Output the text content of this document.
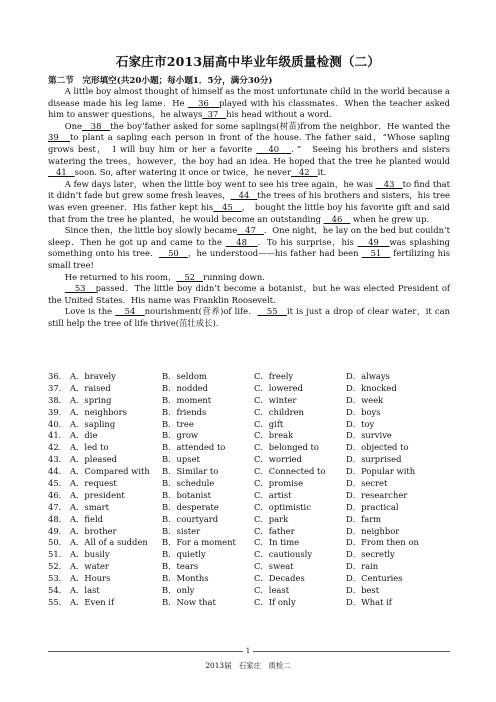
石家庄市2013届高中毕业年级质量检测（二）
第二节　完形填空(共20小题；每小题1．5分，满分30分)

A little boy almost thought of himself as the most unfortunate child in the world because a disease made his leg lame．He    36   played with his classmates．When the teacher asked him to answer questions，he always  37   his head without a word.

One   38   the boy’father asked for some saplings(树苗)from the neighbor．He wanted the 39   to plant a sapling each person in front of the house. The father said，“Whose sapling grows best，　I will buy him or her a favorite    40   ．”　Seeing his brothers and sisters watering the trees，however，the boy had an idea. He hoped that the tree he planted would    41   soon. So, after watering it once or twice，he never   42   it.

A few days later，when the little boy went to see his tree again，he was    43   to find that it didn’t fade but grew some fresh leaves，   44   the trees of his brothers and sisters，his tree was even greener．His father kept his   45   ，　bought the little boy his favorite gift and said that from the tree he planted，he would become an outstanding    46    when he grew up.

Since then，the little boy slowly became   47   ．One night，he lay on the bed but couldn’t sleep．Then he got up and came to the    48   ．To his surprise，his    49   was splashing something onto his tree．   50   ，he understood——his father had been    51    fertilizing his small tree!

He returned to his room，   52   running down.

53   passed．The little boy didn’t become a botanist，but he was elected President of the United States．His name was Franklin Roosevelt.

Love is the    54   nourishment(营养)of life．   55   it is just a drop of clear water，it can still help the tree of life thrive(茁壮成长).

36． A．bravely	B．seldom	C．freely	D．always
37． A．raised	B．nodded	C．lowered	D．knocked
38． A．spring	B．moment	C．winter	D．week
39． A．neighbors	B．friends	C．children	D．boys
40． A．sapling	B．tree	C．gift	D．toy
41． A．die	B．grow	C．break	D．survive
42． A．led to	B．attended to	C．belonged to	D．objected to
43． A．pleased	B．upset	C．worried	D．surprised
44． A．Compared with	B．Similar to	C．Connected to	D．Popular with
45． A．request	B．schedule	C．promise	D．secret
46． A．president	B．botanist	C．artist	D．researcher
47． A．smart	B．desperate	C．optimistic	D．practical
48． A．field	B．courtyard	C．park	D．farm
49． A．brother	B．sister	C．father	D．neighbor
50． A．All of a sudden	B．For a moment	C．In time	D．From then on
51． A．busily	B．quietly	C．cautiously	D．secretly
52． A．water	B．tears	C．sweat	D．rain
53． A．Hours	B．Months	C．Decades	D．Centuries
54． A．last	B．only	C．least	D．best
55． A．Even if	B．Now that	C．If only	D．What if
1
2013届　石家庄　质检二
